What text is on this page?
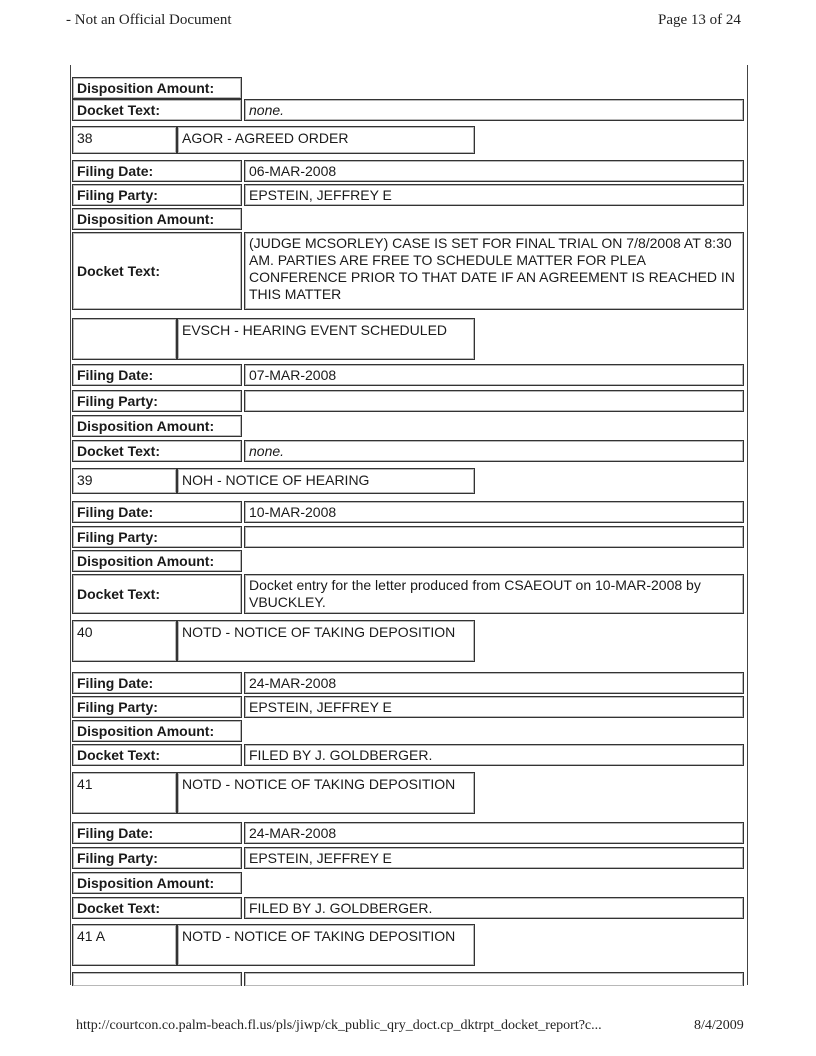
- Not an Official Document	Page 13 of 24
Disposition Amount:
Docket Text:	none.
38	AGOR - AGREED ORDER
Filing Date:	06-MAR-2008
Filing Party:	EPSTEIN, JEFFREY E
Disposition Amount:
Docket Text:
(JUDGE MCSORLEY) CASE IS SET FOR FINAL TRIAL ON 7/8/2008 AT 8:30 AM. PARTIES ARE FREE TO SCHEDULE MATTER FOR PLEA CONFERENCE PRIOR TO THAT DATE IF AN AGREEMENT IS REACHED IN THIS MATTER
EVSCH - HEARING EVENT SCHEDULED
Filing Date:	07-MAR-2008
Filing Party:
Disposition Amount:
Docket Text:	none.
39	NOH - NOTICE OF HEARING
Filing Date:	10-MAR-2008
Filing Party:
Disposition Amount:
Docket Text:
Docket entry for the letter produced from CSAEOUT on 10-MAR-2008 by VBUCKLEY.
40	NOTD - NOTICE OF TAKING DEPOSITION
Filing Date:	24-MAR-2008
Filing Party:	EPSTEIN, JEFFREY E
Disposition Amount:
Docket Text:	FILED BY J. GOLDBERGER.
41	NOTD - NOTICE OF TAKING DEPOSITION
Filing Date:	24-MAR-2008
Filing Party:	EPSTEIN, JEFFREY E
Disposition Amount:
Docket Text:	FILED BY J. GOLDBERGER.
41 A	NOTD - NOTICE OF TAKING DEPOSITION
http://courtcon.co.palm-beach.fl.us/pls/jiwp/ck_public_qry_doct.cp_dktrpt_docket_report?c...	8/4/2009
